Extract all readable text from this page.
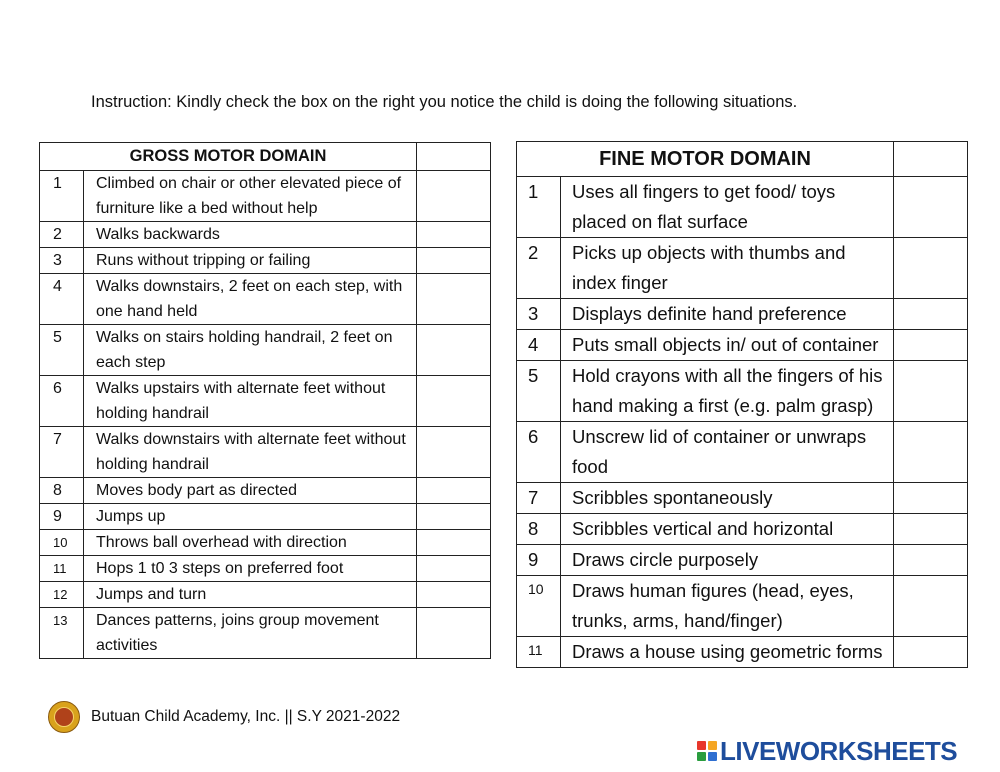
Instruction: Kindly check the box on the right you notice the child is doing the following situations.
GROSS MOTOR DOMAIN		
1	Climbed on chair or other elevated piece of furniture like a bed without help	
2	Walks backwards	
3	Runs without tripping or failing	
4	Walks downstairs, 2 feet on each step, with one hand held	
5	Walks on stairs holding handrail, 2 feet on each step	
6	Walks upstairs with alternate feet without holding handrail	
7	Walks downstairs with alternate feet without holding handrail	
8	Moves body part as directed	
9	Jumps up	
10	Throws ball overhead with direction	
11	Hops 1 t0 3 steps on preferred foot	
12	Jumps and turn	
13	Dances patterns, joins group movement activities	
FINE MOTOR DOMAIN		
1	Uses all fingers to get food/ toys placed on flat surface	
2	Picks up objects with thumbs and index finger	
3	Displays definite hand preference	
4	Puts small objects in/ out of container	
5	Hold crayons with all the fingers of his hand making a first (e.g. palm grasp)	
6	Unscrew lid of container or unwraps food	
7	Scribbles spontaneously	
8	Scribbles vertical and horizontal	
9	Draws circle purposely	
10	Draws human figures (head, eyes, trunks, arms, hand/finger)	
11	Draws a house using geometric forms	
Butuan Child Academy, Inc. || S.Y 2021-2022
LIVEWORKSHEETS
